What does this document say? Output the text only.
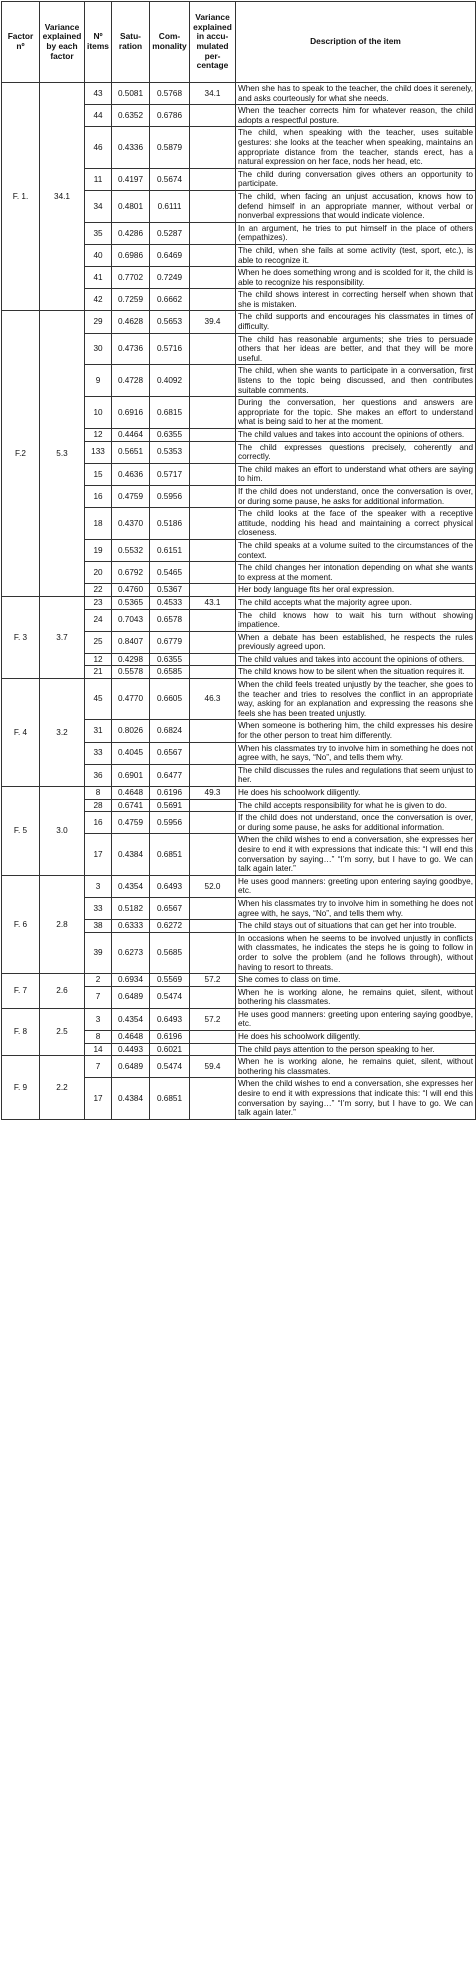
Factor nº	Variance explained by each factor	Nº items	Satu-ration	Com-monality	Variance explained in accu-mulated per-centage	Description of the item
F. 1.	34.1	43	0.5081	0.5768	34.1	When she has to speak to the teacher, the child does it serenely, and asks courteously for what she needs.
		44	0.6352	0.6786		When the teacher corrects him for whatever reason, the child adopts a respectful posture.
		46	0.4336	0.5879		The child, when speaking with the teacher, uses suitable gestures: she looks at the teacher when speaking, maintains an appropriate distance from the teacher, stands erect, has a natural expression on her face, nods her head, etc.
		11	0.4197	0.5674		The child during conversation gives others an opportunity to participate.
		34	0.4801	0.6111		The child, when facing an unjust accusation, knows how to defend himself in an appropriate manner, without verbal or nonverbal expressions that would indicate violence.
		35	0.4286	0.5287		In an argument, he tries to put himself in the place of others (empathizes).
		40	0.6986	0.6469		The child, when she fails at some activity (test, sport, etc.), is able to recognize it.
		41	0.7702	0.7249		When he does something wrong and is scolded for it, the child is able to recognize his responsibility.
		42	0.7259	0.6662		The child shows interest in correcting herself when shown that she is mistaken.
F.2	5.3	29	0.4628	0.5653	39.4	The child supports and encourages his classmates in times of difficulty.
		30	0.4736	0.5716		The child has reasonable arguments; she tries to persuade others that her ideas are better, and that they will be more useful.
		9	0.4728	0.4092		The child, when she wants to participate in a conversation, first listens to the topic being discussed, and then contributes suitable comments.
		10	0.6916	0.6815		During the conversation, her questions and answers are appropriate for the topic. She makes an effort to understand what is being said to her at the moment.
		12	0.4464	0.6355		The child values and takes into account the opinions of others.
		133	0.5651	0.5353		The child expresses questions precisely, coherently and correctly.
		15	0.4636	0.5717		The child makes an effort to understand what others are saying to him.
		16	0.4759	0.5956		If the child does not understand, once the conversation is over, or during some pause, he asks for additional information.
		18	0.4370	0.5186		The child looks at the face of the speaker with a receptive attitude, nodding his head and maintaining a correct physical closeness.
		19	0.5532	0.6151		The child speaks at a volume suited to the circumstances of the context.
		20	0.6792	0.5465		The child changes her intonation depending on what she wants to express at the moment.
		22	0.4760	0.5367		Her body language fits her oral expression.
F. 3	3.7	23	0.5365	0.4533	43.1	The child accepts what the majority agree upon.
		24	0.7043	0.6578		The child knows how to wait his turn without showing impatience.
		25	0.8407	0.6779		When a debate has been established, he respects the rules previously agreed upon.
		12	0.4298	0.6355		The child values and takes into account the opinions of others.
		21	0.5578	0.6585		The child knows how to be silent when the situation requires it.
F. 4	3.2	45	0.4770	0.6605	46.3	When the child feels treated unjustly by the teacher, she goes to the teacher and tries to resolves the conflict in an appropriate way, asking for an explanation and expressing the reasons she feels she has been treated unjustly.
		31	0.8026	0.6824		When someone is bothering him, the child expresses his desire for the other person to treat him differently.
		33	0.4045	0.6567		When his classmates try to involve him in something he does not agree with, he says, “No”, and tells them why.
		36	0.6901	0.6477		The child discusses the rules and regulations that seem unjust to her.
F. 5	3.0	8	0.4648	0.6196	49.3	He does his schoolwork diligently.
		28	0.6741	0.5691		The child accepts responsibility for what he is given to do.
		16	0.4759	0.5956		If the child does not understand, once the conversation is over, or during some pause, he asks for additional information.
		17	0.4384	0.6851		When the child wishes to end a conversation, she expresses her desire to end it with expressions that indicate this: “I will end this conversation by saying…” “I’m sorry, but I have to go. We can talk again later.”
F. 6	2.8	3	0.4354	0.6493	52.0	He uses good manners: greeting upon entering saying goodbye, etc.
		33	0.5182	0.6567		When his classmates try to involve him in something he does not agree with, he says, “No”, and tells them why.
		38	0.6333	0.6272		The child stays out of situations that can get her into trouble.
		39	0.6273	0.5685		In occasions when he seems to be involved unjustly in conflicts with classmates, he indicates the steps he is going to follow in order to solve the problem (and he follows through), without having to resort to threats.
F. 7	2.6	2	0.6934	0.5569	57.2	She comes to class on time.
		7	0.6489	0.5474		When he is working alone, he remains quiet, silent, without bothering his classmates.
F. 8	2.5	3	0.4354	0.6493	57.2	He uses good manners: greeting upon entering saying goodbye, etc.
		8	0.4648	0.6196		He does his schoolwork diligently.
		14	0.4493	0.6021		The child pays attention to the person speaking to her.
F. 9	2.2	7	0.6489	0.5474	59.4	When he is working alone, he remains quiet, silent, without bothering his classmates.
		17	0.4384	0.6851		When the child wishes to end a conversation, she expresses her desire to end it with expressions that indicate this: “I will end this conversation by saying…” “I’m sorry, but I have to go. We can talk again later.”
